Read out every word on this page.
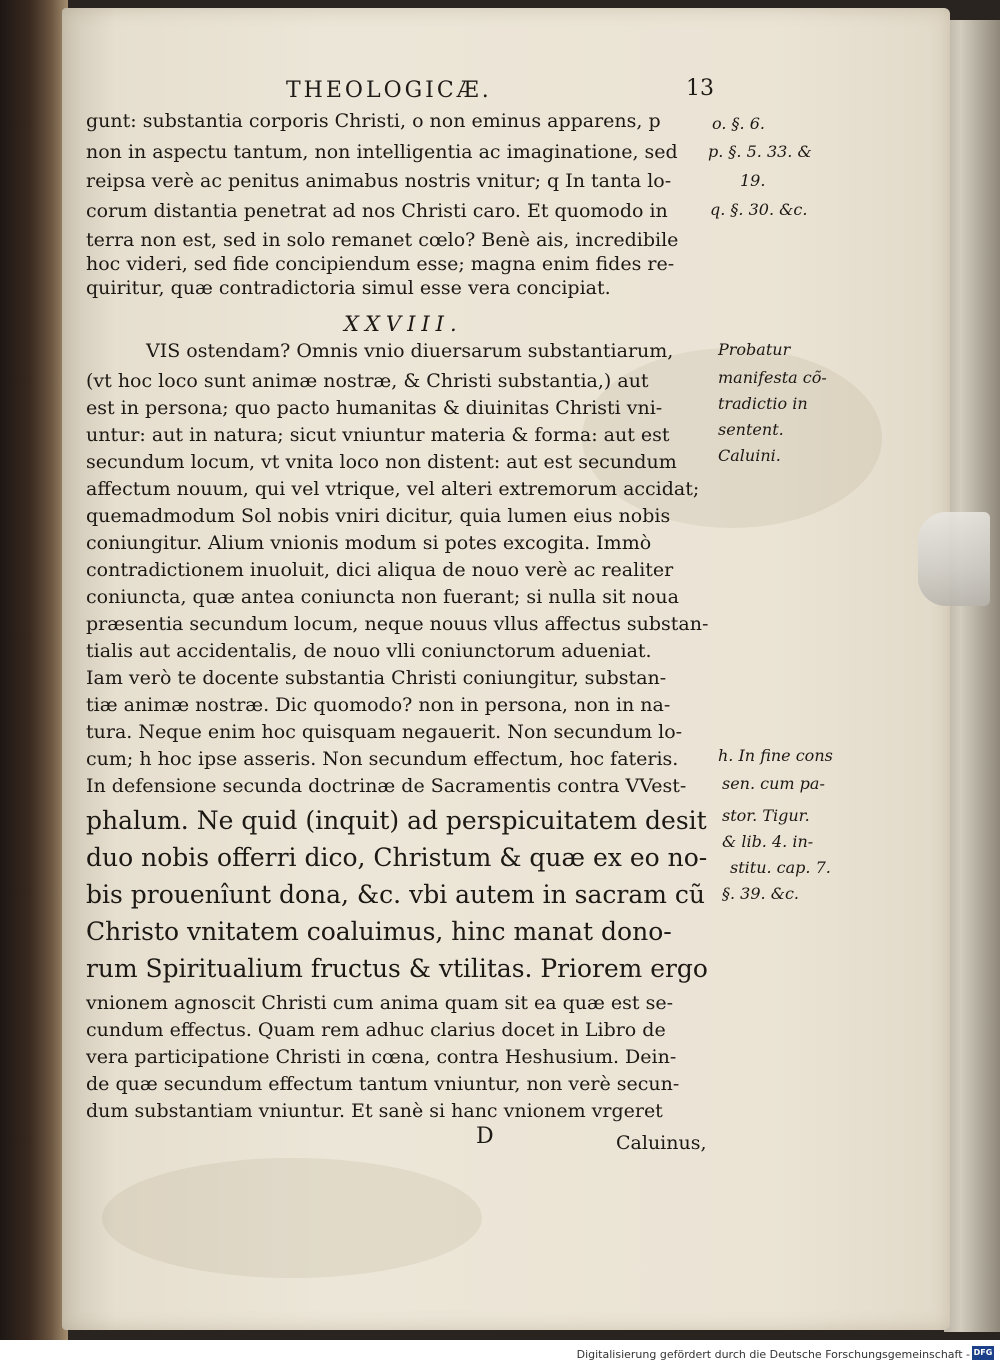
THEOLOGICÆ.	13
gunt: substantia corporis Christi, o non eminus apparens, p
non in aspectu tantum, non intelligentia ac imaginatione, sed
reipsa verè ac penitus animabus nostris vnitur; q In tanta lo-
corum distantia penetrat ad nos Christi caro. Et quomodo in
terra non est, sed in solo remanet cœlo? Benè ais, incredibile
hoc videri, sed fide concipiendum esse; magna enim fides re-
quiritur, quæ contradictoria simul esse vera concipiat.
XXVIII.
VIS ostendam? Omnis vnio diuersarum substantiarum,
(vt hoc loco sunt animæ nostræ, & Christi substantia,) aut
est in persona; quo pacto humanitas & diuinitas Christi vni-
untur: aut in natura; sicut vniuntur materia & forma: aut est
secundum locum, vt vnita loco non distent: aut est secundum
affectum nouum, qui vel vtrique, vel alteri extremorum accidat;
quemadmodum Sol nobis vniri dicitur, quia lumen eius nobis
coniungitur. Alium vnionis modum si potes excogita. Immò
contradictionem inuoluit, dici aliqua de nouo verè ac realiter
coniuncta, quæ antea coniuncta non fuerant; si nulla sit noua
præsentia secundum locum, neque nouus vllus affectus substan-
tialis aut accidentalis, de nouo vlli coniunctorum adueniat.
Iam verò te docente substantia Christi coniungitur, substan-
tiæ animæ nostræ. Dic quomodo? non in persona, non in na-
tura. Neque enim hoc quisquam negauerit. Non secundum lo-
cum; h hoc ipse asseris. Non secundum effectum, hoc fateris.
In defensione secunda doctrinæ de Sacramentis contra VVest-
phalum. Ne quid (inquit) ad perspicuitatem desit
duo nobis offerri dico, Christum & quæ ex eo no-
bis prouenîunt dona, &c. vbi autem in sacram cũ
Christo vnitatem coaluimus, hinc manat dono-
rum Spiritualium fructus & vtilitas. Priorem ergo
vnionem agnoscit Christi cum anima quam sit ea quæ est se-
cundum effectus. Quam rem adhuc clarius docet in Libro de
vera participatione Christi in cœna, contra Heshusium. Dein-
de quæ secundum effectum tantum vniuntur, non verè secun-
dum substantiam vniuntur. Et sanè si hanc vnionem vrgeret
D	Caluinus,
o. §. 6.
p. §. 5. 33. &
19.
q. §. 30. &c.
Probatur
manifesta cõ-
tradictio in
sentent.
Caluini.
h. In fine cons
sen. cum pa-
stor. Tigur.
& lib. 4. in-
stitu. cap. 7.
§. 39. &c.
Digitalisierung gefördert durch die Deutsche Forschungsgemeinschaft - DFG
